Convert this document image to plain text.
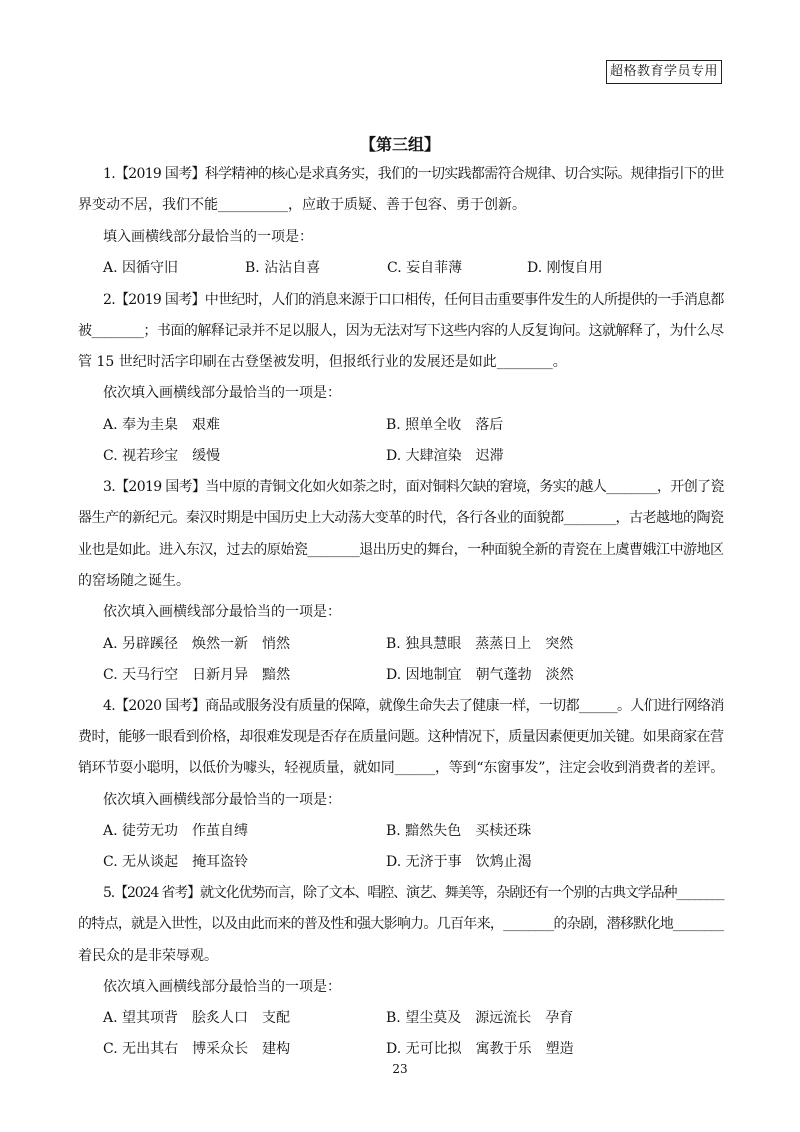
超格教育学员专用
【第三组】
1.【2019 国考】科学精神的核心是求真务实，我们的一切实践都需符合规律、切合实际。规律指引下的世
界变动不居，我们不能__________，应敢于质疑、善于包容、勇于创新。
填入画横线部分最恰当的一项是：
A. 因循守旧	B. 沾沾自喜	C. 妄自菲薄	D. 刚愎自用
2.【2019 国考】中世纪时，人们的消息来源于口口相传，任何目击重要事件发生的人所提供的一手消息都
被________；书面的解释记录并不足以服人，因为无法对写下这些内容的人反复询问。这就解释了，为什么尽
管 15 世纪时活字印刷在古登堡被发明，但报纸行业的发展还是如此________。
依次填入画横线部分最恰当的一项是：
A. 奉为圭臬　艰难	B. 照单全收　落后
C. 视若珍宝　缓慢	D. 大肆渲染　迟滞
3.【2019 国考】当中原的青铜文化如火如荼之时，面对铜料欠缺的窘境，务实的越人________，开创了瓷
器生产的新纪元。秦汉时期是中国历史上大动荡大变革的时代，各行各业的面貌都________，古老越地的陶瓷
业也是如此。进入东汉，过去的原始瓷________退出历史的舞台，一种面貌全新的青瓷在上虞曹娥江中游地区
的窑场随之诞生。
依次填入画横线部分最恰当的一项是：
A. 另辟蹊径　焕然一新　悄然	B. 独具慧眼　蒸蒸日上　突然
C. 天马行空　日新月异　黯然	D. 因地制宜　朝气蓬勃　淡然
4.【2020 国考】商品或服务没有质量的保障，就像生命失去了健康一样，一切都______。人们进行网络消
费时，能够一眼看到价格，却很难发现是否存在质量问题。这种情况下，质量因素便更加关键。如果商家在营
销环节耍小聪明，以低价为噱头，轻视质量，就如同______，等到“东窗事发”，注定会收到消费者的差评。
依次填入画横线部分最恰当的一项是：
A. 徒劳无功　作茧自缚	B. 黯然失色　买椟还珠
C. 无从谈起　掩耳盗铃	D. 无济于事　饮鸩止渴
5.【2024 省考】就文化优势而言，除了文本、唱腔、演艺、舞美等，杂剧还有一个别的古典文学品种________
的特点，就是入世性，以及由此而来的普及性和强大影响力。几百年来，________的杂剧，潜移默化地________
着民众的是非荣辱观。
依次填入画横线部分最恰当的一项是：
A. 望其项背　脍炙人口　支配	B. 望尘莫及　源远流长　孕育
C. 无出其右　博采众长　建构	D. 无可比拟　寓教于乐　塑造
23
